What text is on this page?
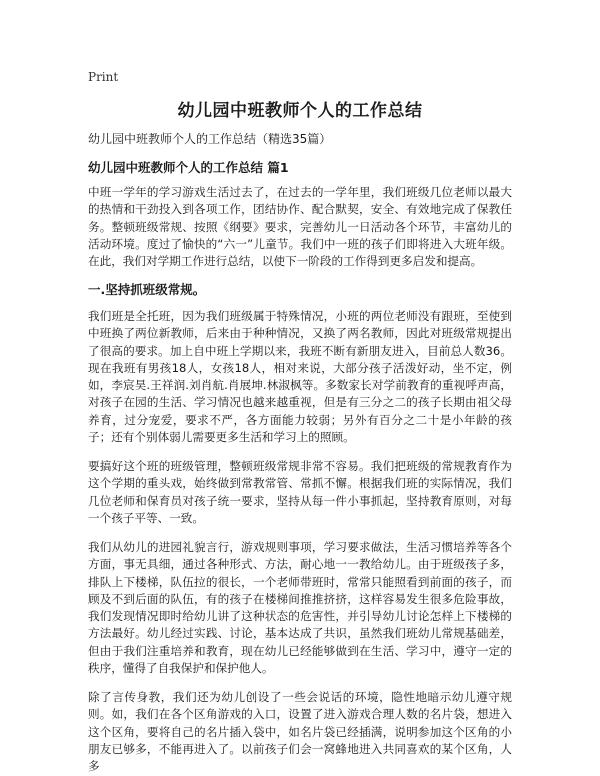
Print
幼儿园中班教师个人的工作总结

幼儿园中班教师个人的工作总结（精选35篇）

幼儿园中班教师个人的工作总结 篇1

中班一学年的学习游戏生活过去了，在过去的一学年里，我们班级几位老师以最大的热情和干劲投入到各项工作，团结协作、配合默契，安全、有效地完成了保教任务。整顿班级常规、按照《纲要》要求，完善幼儿一日活动各个环节，丰富幼儿的活动环境。度过了愉快的“六一”儿童节。我们中一班的孩子们即将进入大班年级。在此，我们对学期工作进行总结，以使下一阶段的工作得到更多启发和提高。

一.坚持抓班级常规。

我们班是全托班，因为我们班级属于特殊情况，小班的两位老师没有跟班，至使到中班换了两位新教师，后来由于种种情况，又换了两名教师，因此对班级常规提出了很高的要求。加上自中班上学期以来，我班不断有新朋友进入，目前总人数36。现在我班有男孩18人，女孩18人，相对来说，大部分孩子活泼好动，坐不定，例如，李宸昊.王祥润.刘肖航.肖展坤.林淑枫等。多数家长对学前教育的重视呼声高，对孩子在园的生活、学习情况也越来越重视，但是有三分之二的孩子长期由祖父母养育，过分宠爱，要求不严，各方面能力较弱；另外有百分之二十是小年龄的孩子；还有个别体弱儿需要更多生活和学习上的照顾。

要搞好这个班的班级管理，整顿班级常规非常不容易。我们把班级的常规教育作为这个学期的重头戏，始终做到常教常管、常抓不懈。根据我们班的实际情况，我们几位老师和保育员对孩子统一要求，坚持从每一件小事抓起，坚持教育原则，对每一个孩子平等、一致。

我们从幼儿的进园礼貌言行，游戏规则事项，学习要求做法，生活习惯培养等各个方面，事无具细，通过各种形式、方法，耐心地一一教给幼儿。由于班级孩子多，排队上下楼梯，队伍拉的很长，一个老师带班时，常常只能照看到前面的孩子，而顾及不到后面的队伍，有的孩子在楼梯间推推挤挤，这样容易发生很多危险事故，我们发现情况即时给幼儿讲了这种状态的危害性，并引导幼儿讨论怎样上下楼梯的方法最好。幼儿经过实践、讨论，基本达成了共识，虽然我们班幼儿常规基础差，但由于我们注重培养和教育，现在幼儿已经能够做到在生活、学习中，遵守一定的秩序，懂得了自我保护和保护他人。

除了言传身教，我们还为幼儿创设了一些会说话的环境，隐性地暗示幼儿遵守规则。如，我们在各个区角游戏的入口，设置了进入游戏合理人数的名片袋，想进入这个区角，要将自己的名片插入袋中，如名片袋已经插满，说明参加这个区角的小朋友已够多，不能再进入了。以前孩子们会一窝蜂地进入共同喜欢的某个区角，人多
